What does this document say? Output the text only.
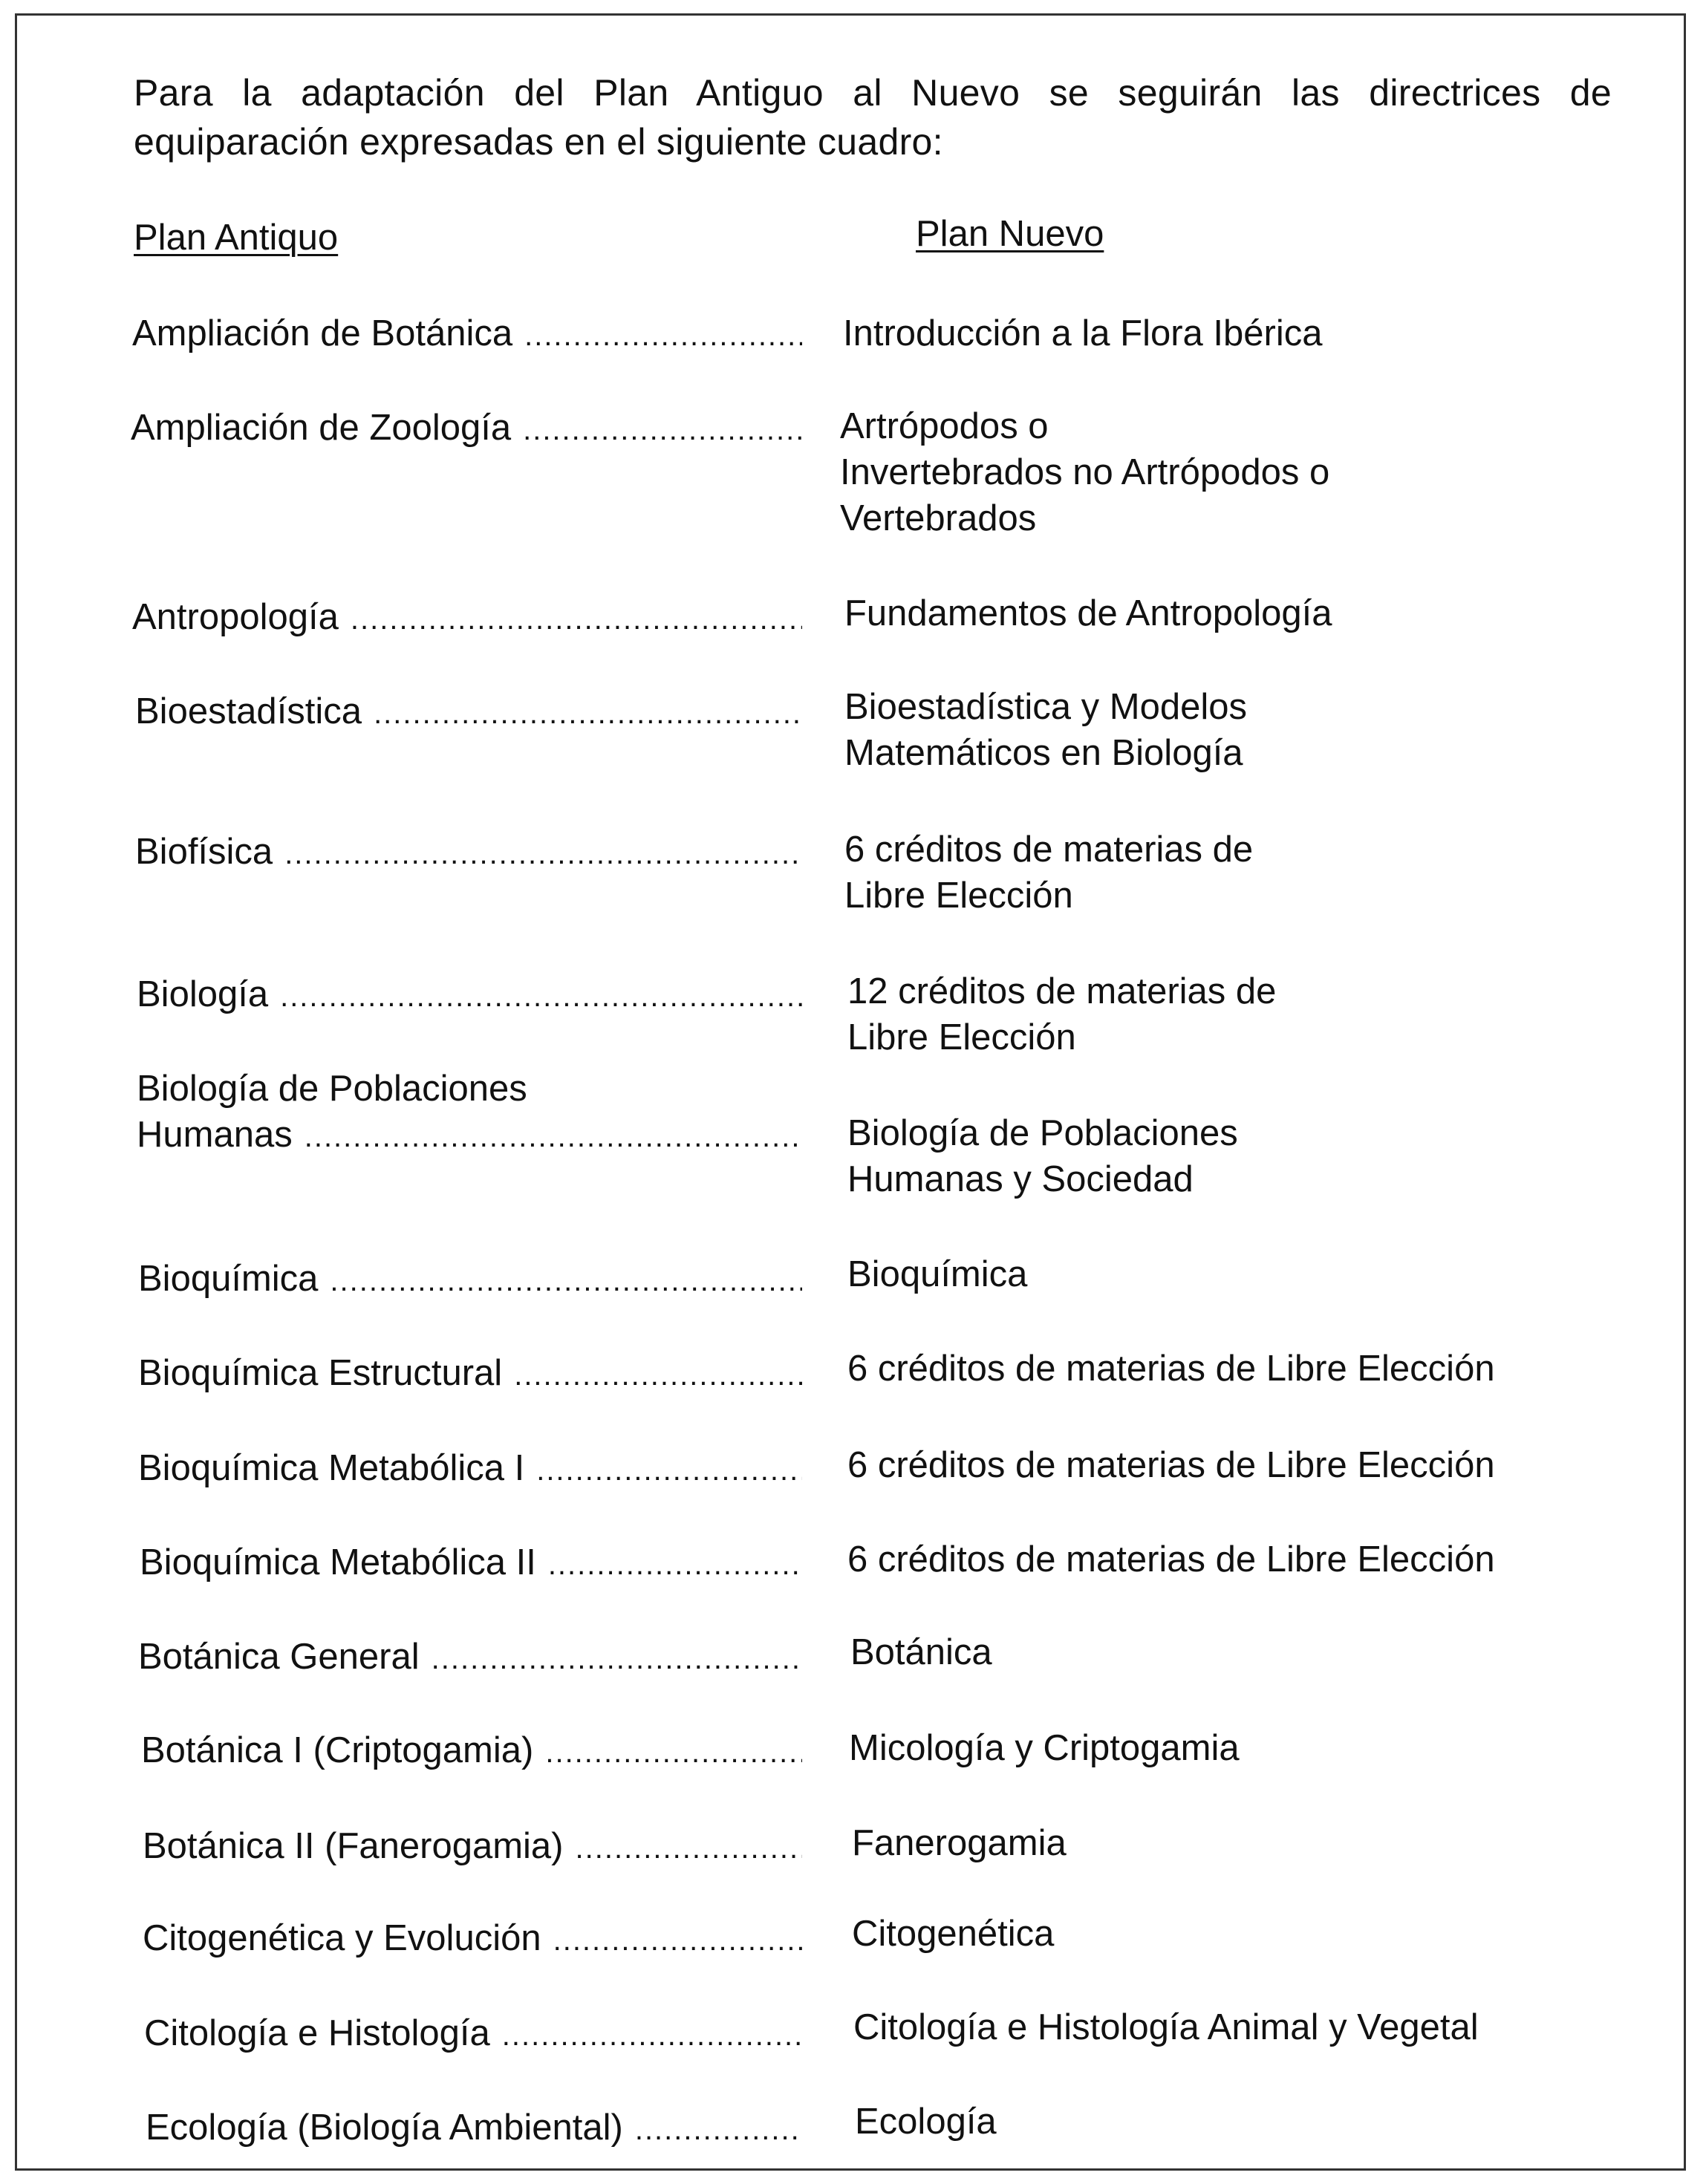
Para la adaptación del Plan Antiguo al Nuevo se seguirán las directrices de equiparación expresadas en el siguiente cuadro:

Plan Antiquo	Plan Nuevo
Ampliación de Botánica .....	Introducción a la Flora Ibérica
Ampliación de Zoología .....	Artrópodos o
Invertebrados no Artrópodos o
Vertebrados
Antropología .....	Fundamentos de Antropología
Bioestadística .....	Bioestadística y Modelos
Matemáticos en Biología
Biofísica .....	6 créditos de materias de
Libre Elección
Biología .....	12 créditos de materias de
Libre Elección
Biología de Poblaciones
Humanas .....	Biología de Poblaciones
Humanas y Sociedad
Bioquímica .....	Bioquímica
Bioquímica Estructural .....	6 créditos de materias de Libre Elección
Bioquímica Metabólica I .....	6 créditos de materias de Libre Elección
Bioquímica Metabólica II .....	6 créditos de materias de Libre Elección
Botánica General .....	Botánica
Botánica I (Criptogamia) .....	Micología y Criptogamia
Botánica II (Fanerogamia) .....	Fanerogamia
Citogenética y Evolución .....	Citogenética
Citología e Histología .....	Citología e Histología Animal y Vegetal
Ecología (Biología Ambiental) .....	Ecología
